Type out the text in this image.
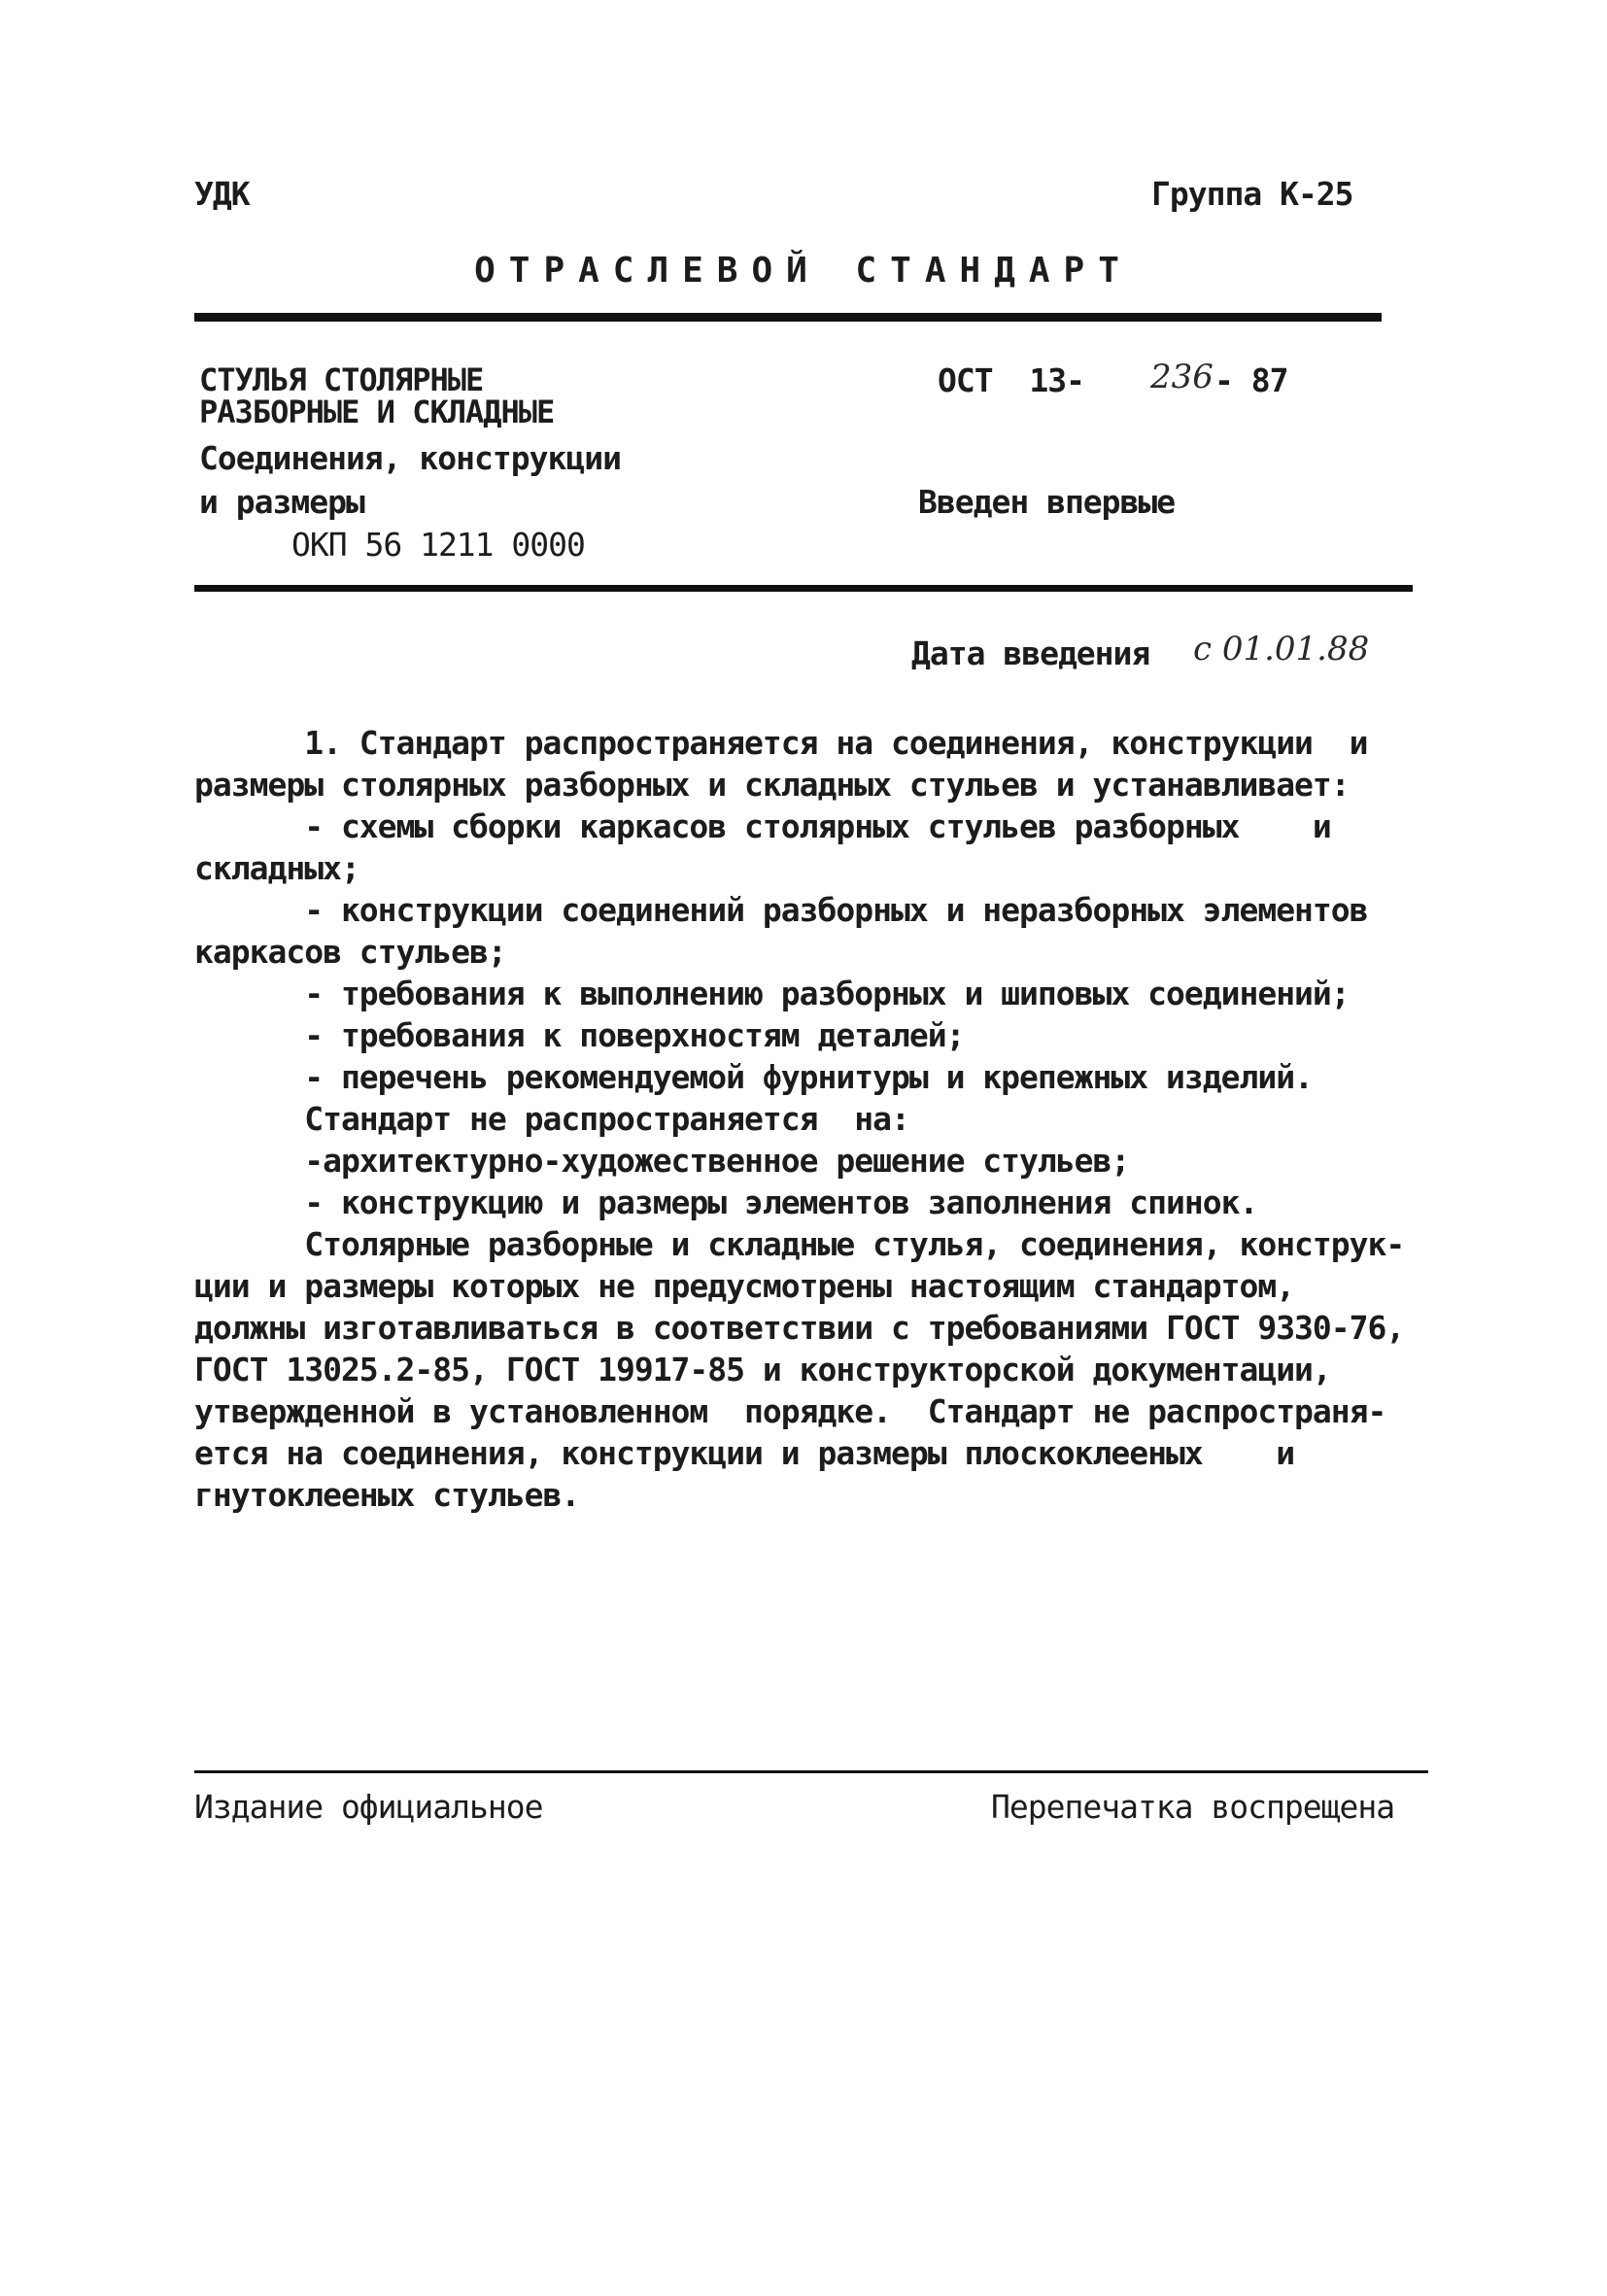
УДК	Группа К-25
ОТРАСЛЕВОЙ СТАНДАРТ
СТУЛЬЯ СТОЛЯРНЫЕ
РАЗБОРНЫЕ И СКЛАДНЫЕ
Соединения, конструкции
и размеры
ОКП 56 1211 0000
ОСТ  13- 236 - 87
Введен впервые
Дата введения с 01.01.88
1. Стандарт распространяется на соединения, конструкции  и
размеры столярных разборных и складных стульев и устанавливает:
- схемы сборки каркасов столярных стульев разборных    и
складных;
- конструкции соединений разборных и неразборных элементов
каркасов стульев;
- требования к выполнению разборных и шиповых соединений;
- требования к поверхностям деталей;
- перечень рекомендуемой фурнитуры и крепежных изделий.
Стандарт не распространяется  на:
-архитектурно-художественное решение стульев;
- конструкцию и размеры элементов заполнения спинок.
Столярные разборные и складные стулья, соединения, конструк-
ции и размеры которых не предусмотрены настоящим стандартом,
должны изготавливаться в соответствии с требованиями ГОСТ 9330-76,
ГОСТ 13025.2-85, ГОСТ 19917-85 и конструкторской документации,
утвержденной в установленном  порядке.  Стандарт не распространя-
ется на соединения, конструкции и размеры плоскоклееных    и
гнутоклееных стульев.
Издание официальное	Перепечатка воспрещена
